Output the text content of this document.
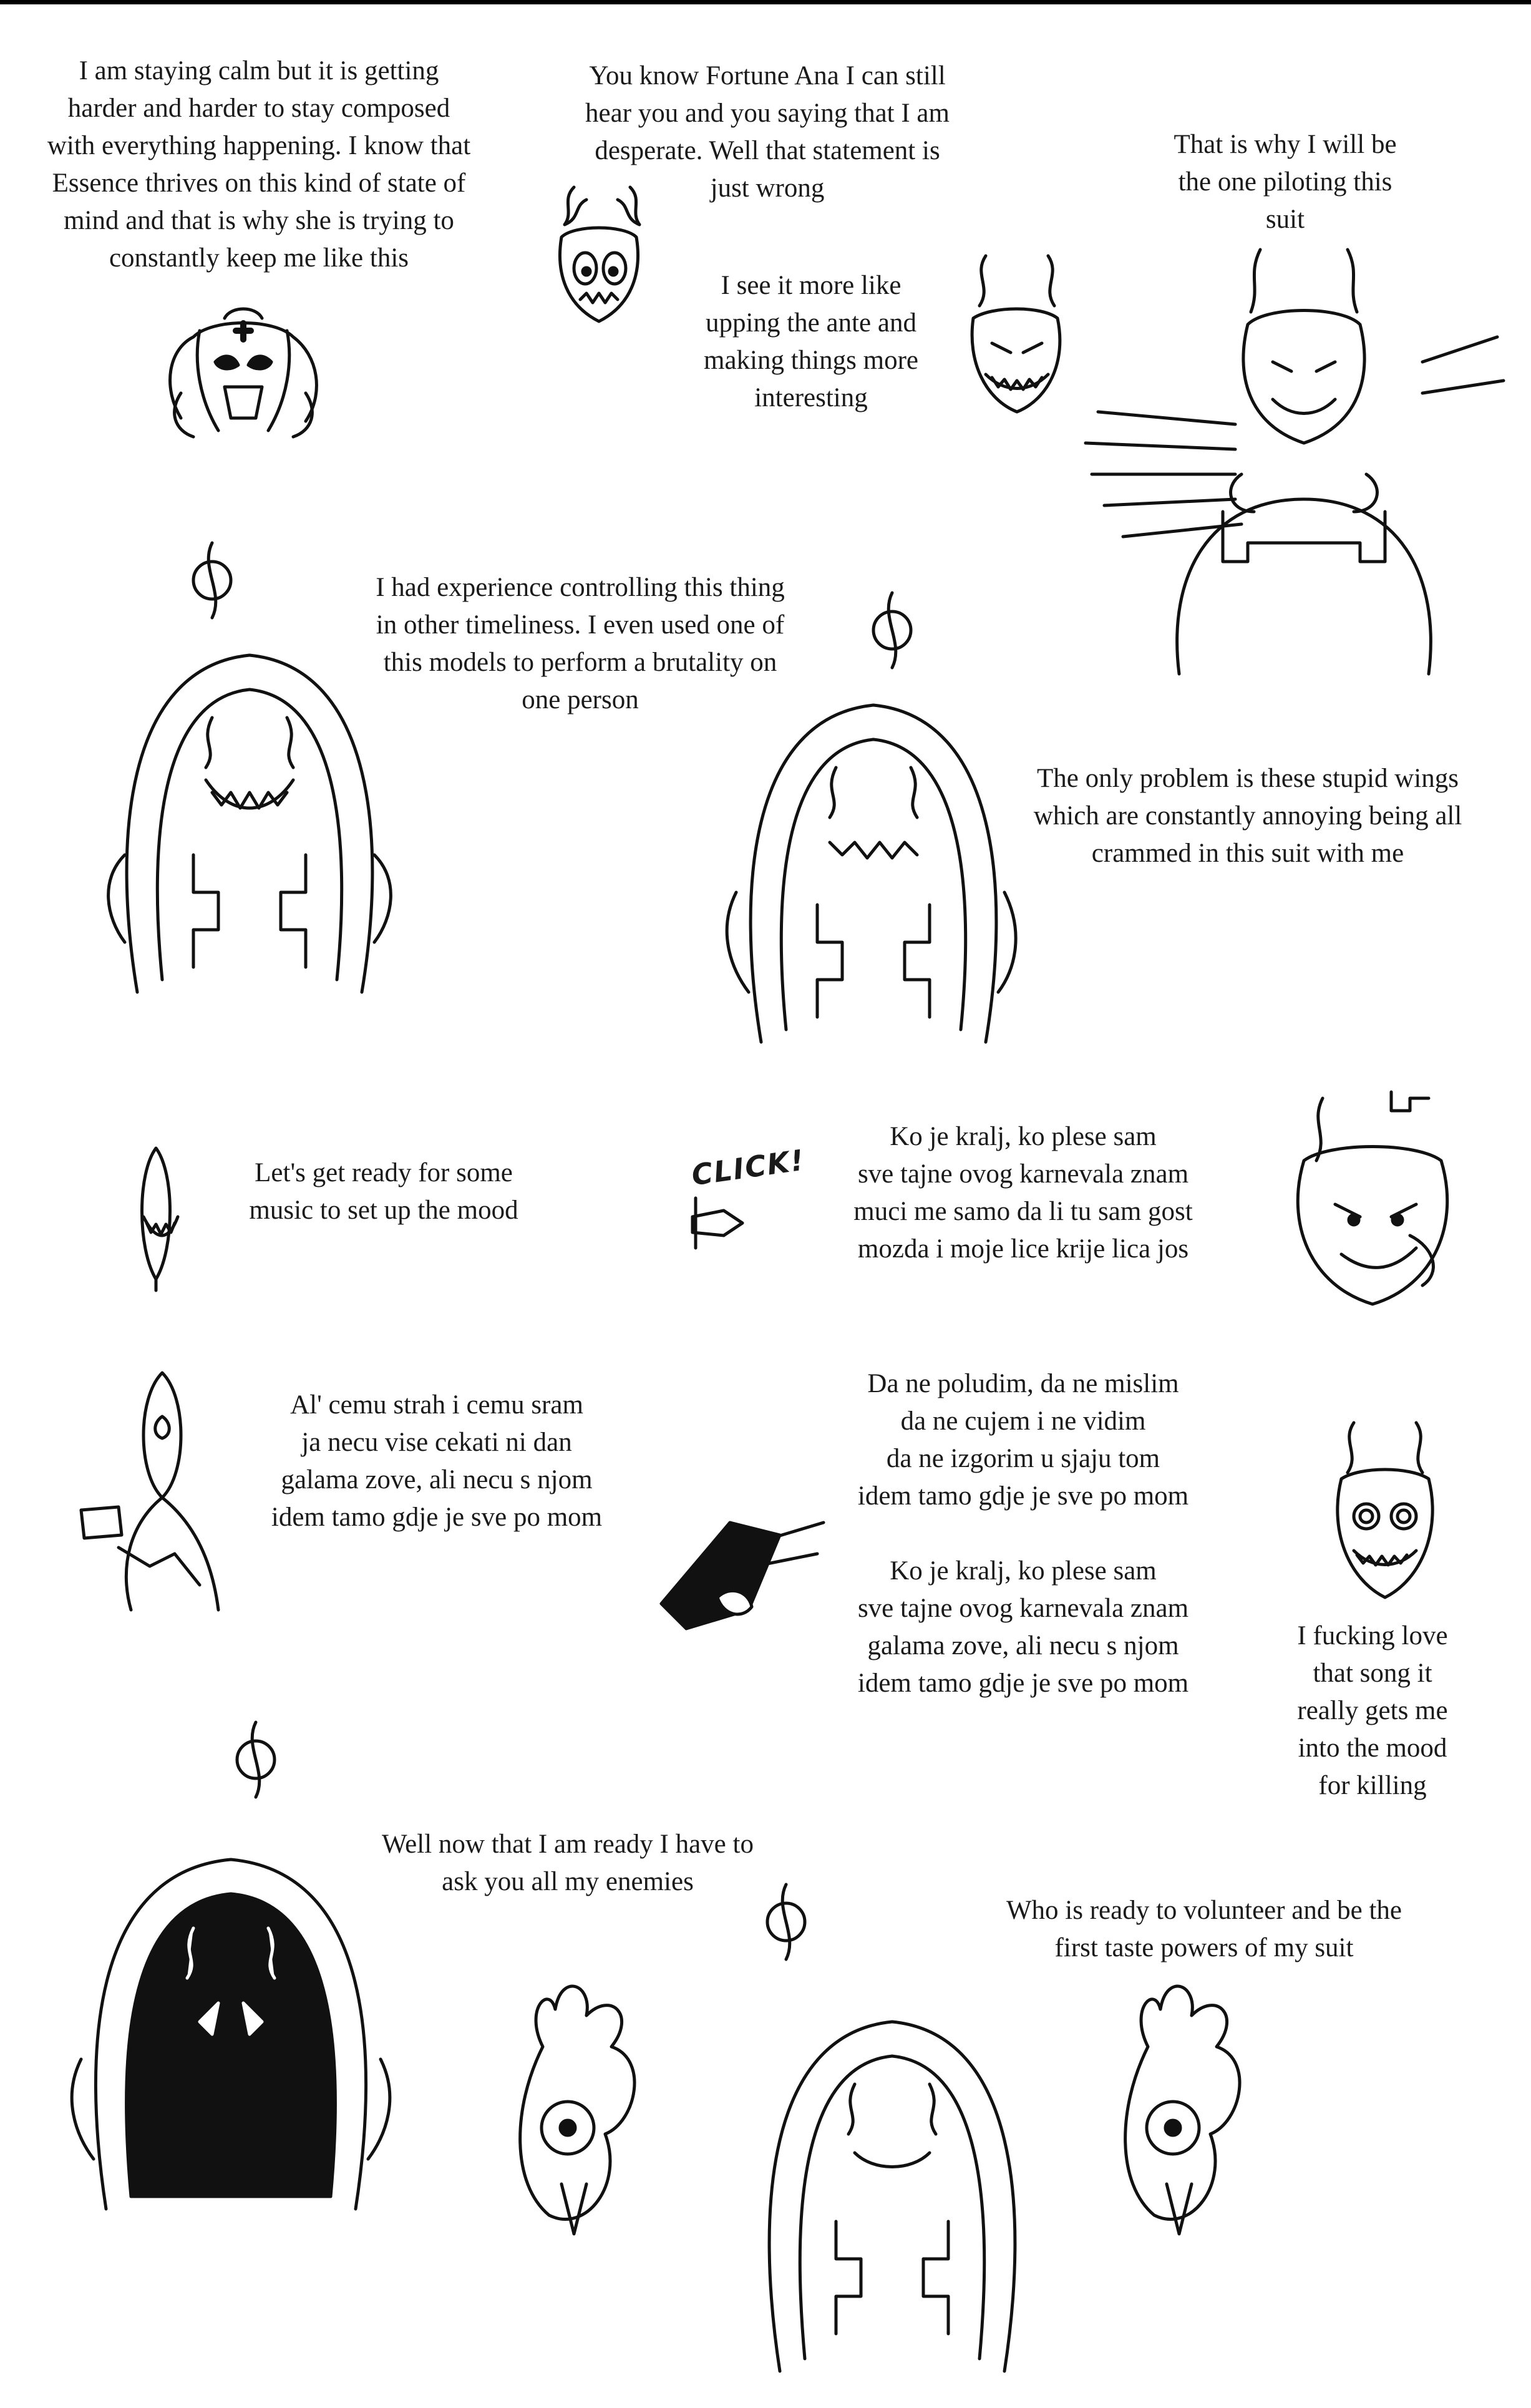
I am staying calm but it is getting
harder and harder to stay composed
with everything happening. I know that
Essence thrives on this kind of state of
mind and that is why she is trying to
constantly keep me like this
You know Fortune Ana I can still
hear you and you saying that I am
desperate. Well that statement is
just wrong
That is why I will be
the one piloting this
suit
I see it more like
upping the ante and
making things more
interesting
I had experience controlling this thing
in other timeliness. I even used one of
this models to perform a brutality on
one person
The only problem is these stupid wings
which are constantly annoying being all
crammed in this suit with me
Let's get ready for some
music to set up the mood
Ko je kralj, ko plese sam
sve tajne ovog karnevala znam
muci me samo da li tu sam gost
mozda i moje lice krije lica jos
Da ne poludim, da ne mislim
da ne cujem i ne vidim
da ne izgorim u sjaju tom
idem tamo gdje je sve po mom
Al' cemu strah i cemu sram
ja necu vise cekati ni dan
galama zove, ali necu s njom
idem tamo gdje je sve po mom
Ko je kralj, ko plese sam
sve tajne ovog karnevala znam
galama zove, ali necu s njom
idem tamo gdje je sve po mom
I fucking love
that song it
really gets me
into the mood
for killing
Well now that I am ready I have to
ask you all my enemies
Who is ready to volunteer and be the
first taste powers of my suit
CLICK!
